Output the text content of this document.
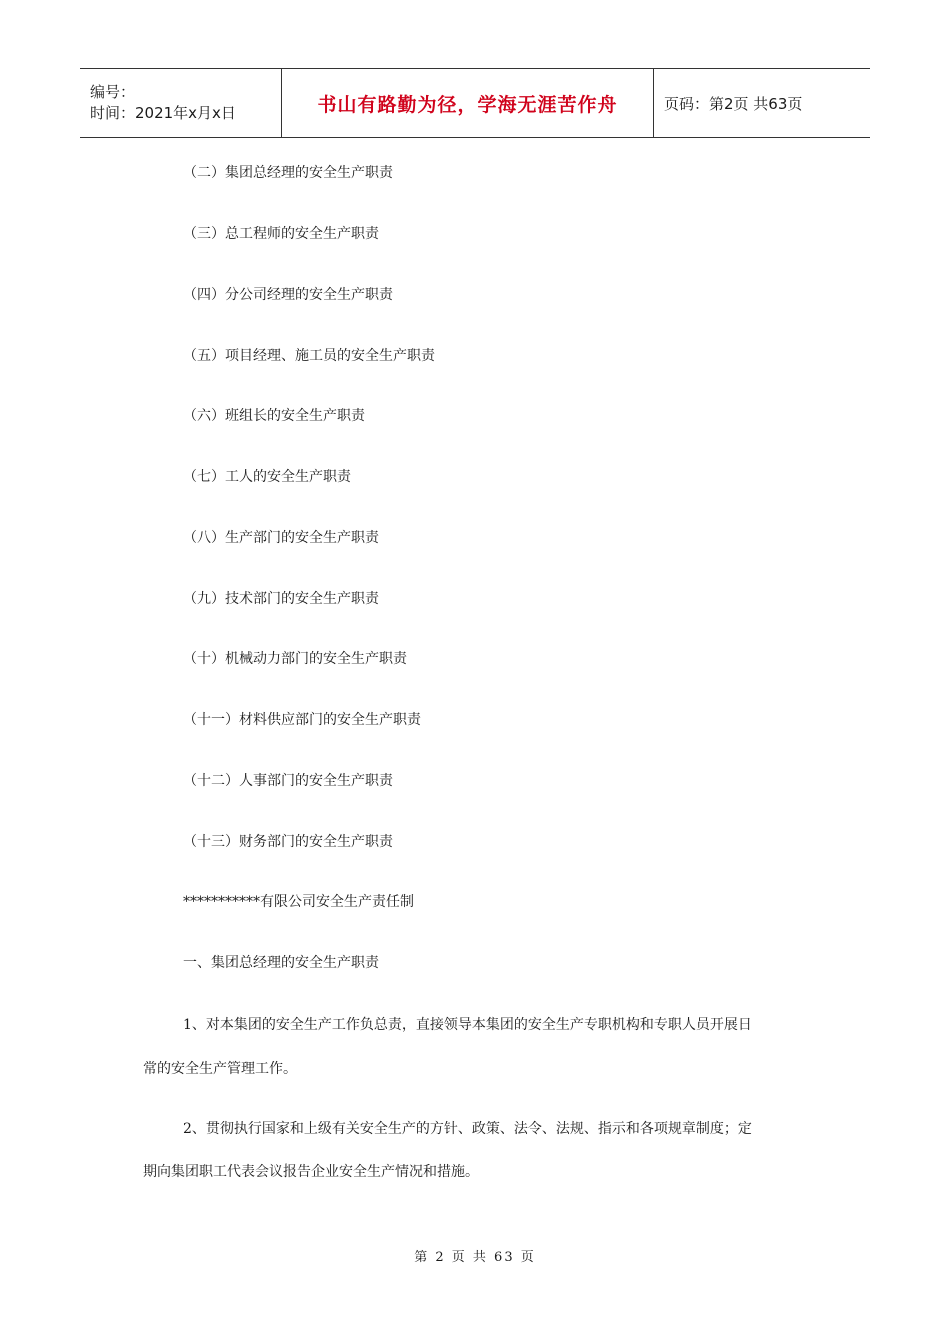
编号：
时间：2021年x月x日	书山有路勤为径，学海无涯苦作舟	页码：第2页 共63页
（二）集团总经理的安全生产职责
（三）总工程师的安全生产职责
（四）分公司经理的安全生产职责
（五）项目经理、施工员的安全生产职责
（六）班组长的安全生产职责
（七）工人的安全生产职责
（八）生产部门的安全生产职责
（九）技术部门的安全生产职责
（十）机械动力部门的安全生产职责
（十一）材料供应部门的安全生产职责
（十二）人事部门的安全生产职责
（十三）财务部门的安全生产职责
***********有限公司安全生产责任制
一、集团总经理的安全生产职责
1、对本集团的安全生产工作负总责，直接领导本集团的安全生产专职机构和专职人员开展日
常的安全生产管理工作。
2、贯彻执行国家和上级有关安全生产的方针、政策、法令、法规、指示和各项规章制度；定
期向集团职工代表会议报告企业安全生产情况和措施。
第 2 页 共 63 页
